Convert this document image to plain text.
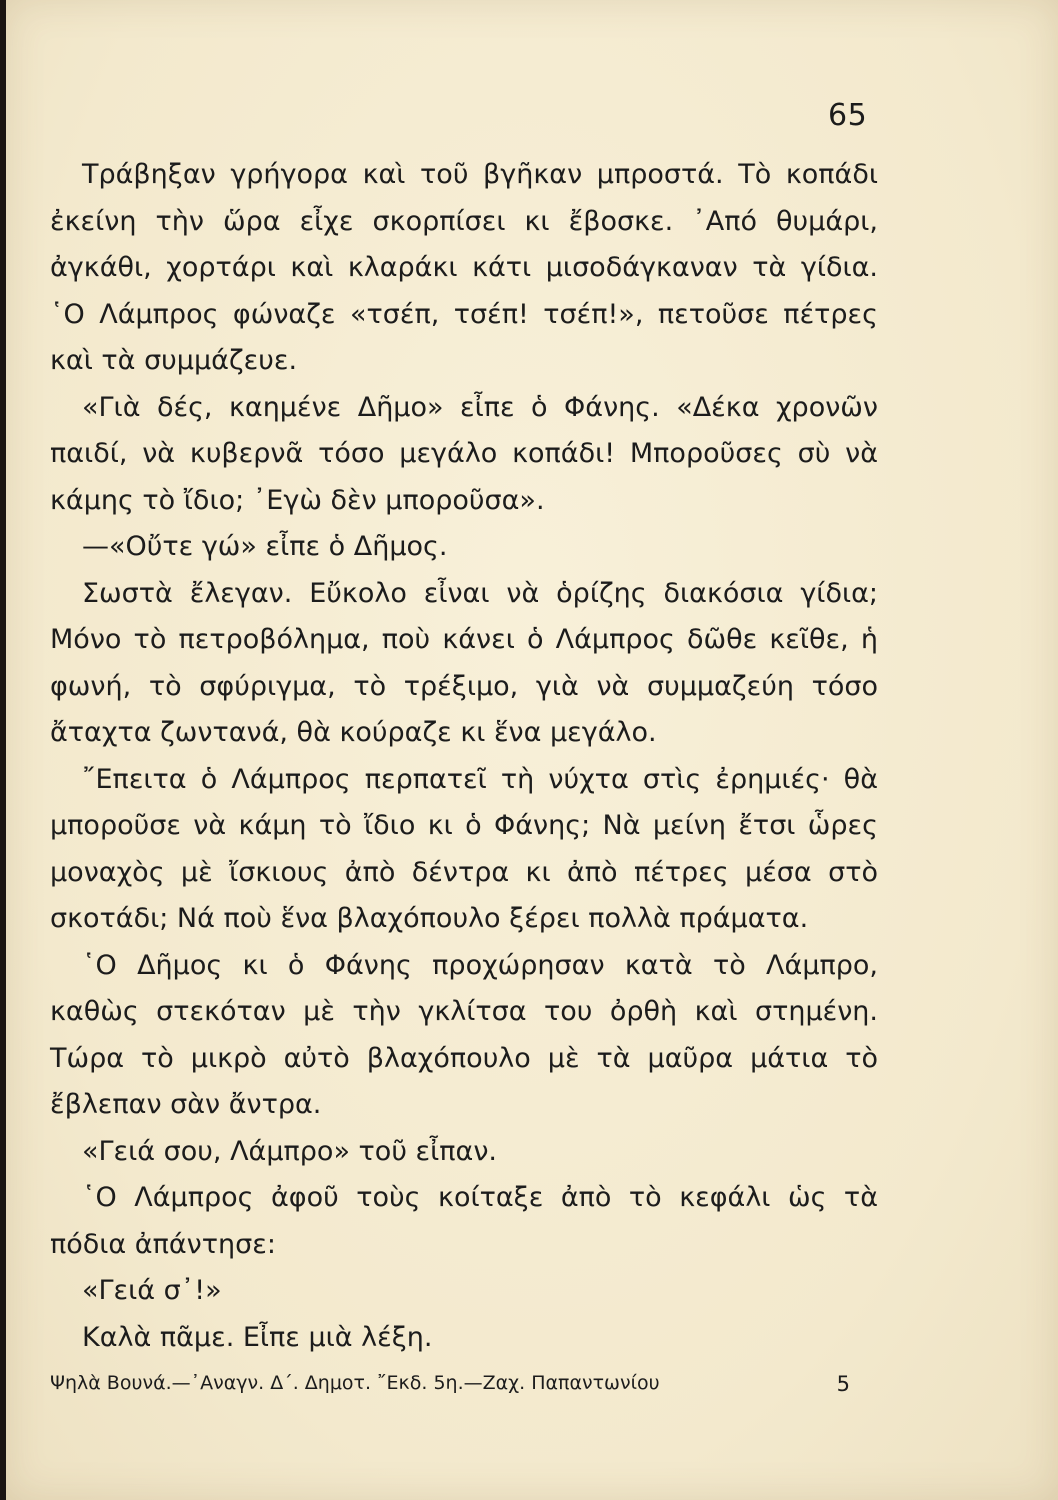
65

Τράβηξαν γρήγορα καὶ τοῦ βγῆκαν μπροστά. Τὸ κοπάδι ἐκείνη τὴν ὥρα εἶχε σκορπίσει κι ἔβοσκε. ᾿Από θυμάρι, ἀγκάθι, χορτάρι καὶ κλαράκι κάτι μισοδάγκαναν τὰ γίδια. ῾Ο Λάμπρος φώναζε «τσέπ, τσέπ! τσέπ!», πετοῦσε πέτρες καὶ τὰ συμμάζευε.

«Γιὰ δές, καημένε Δῆμο» εἶπε ὁ Φάνης. «Δέκα χρονῶν παιδί, νὰ κυβερνᾶ τόσο μεγάλο κοπάδι! Μποροῦσες σὺ νὰ κάμης τὸ ἴδιο; ᾿Εγὼ δὲν μποροῦσα».

—«Οὔτε γώ» εἶπε ὁ Δῆμος.

Σωστὰ ἔλεγαν. Εὔκολο εἶναι νὰ ὁρίζης διακόσια γίδια; Μόνο τὸ πετροβόλημα, ποὺ κάνει ὁ Λάμπρος δῶθε κεῖθε, ἡ φωνή, τὸ σφύριγμα, τὸ τρέξιμο, γιὰ νὰ συμμαζεύη τόσο ἄταχτα ζωντανά, θὰ κούραζε κι ἕνα μεγάλο.

῎Επειτα ὁ Λάμπρος περπατεῖ τὴ νύχτα στὶς ἐρημιές· θὰ μποροῦσε νὰ κάμη τὸ ἴδιο κι ὁ Φάνης; Νὰ μείνη ἔτσι ὧρες μοναχὸς μὲ ἴσκιους ἀπὸ δέντρα κι ἀπὸ πέτρες μέσα στὸ σκοτάδι; Νά ποὺ ἕνα βλαχόπουλο ξέρει πολλὰ πράματα.

῾Ο Δῆμος κι ὁ Φάνης προχώρησαν κατὰ τὸ Λάμπρο, καθὼς στεκόταν μὲ τὴν γκλίτσα του ὀρθὴ καὶ στημένη. Τώρα τὸ μικρὸ αὐτὸ βλαχόπουλο μὲ τὰ μαῦρα μάτια τὸ ἔβλεπαν σὰν ἄντρα.

«Γειά σου, Λάμπρο» τοῦ εἶπαν.

῾Ο Λάμπρος ἀφοῦ τοὺς κοίταξε ἀπὸ τὸ κεφάλι ὡς τὰ πόδια ἀπάντησε:

«Γειά σ᾿!»

Καλὰ πᾶμε. Εἶπε μιὰ λέξη.

Ψηλὰ Βουνά.—᾿Αναγν. Δ΄. Δημοτ. ῎Εκδ. 5η.—Ζαχ. Παπαντωνίου	5
